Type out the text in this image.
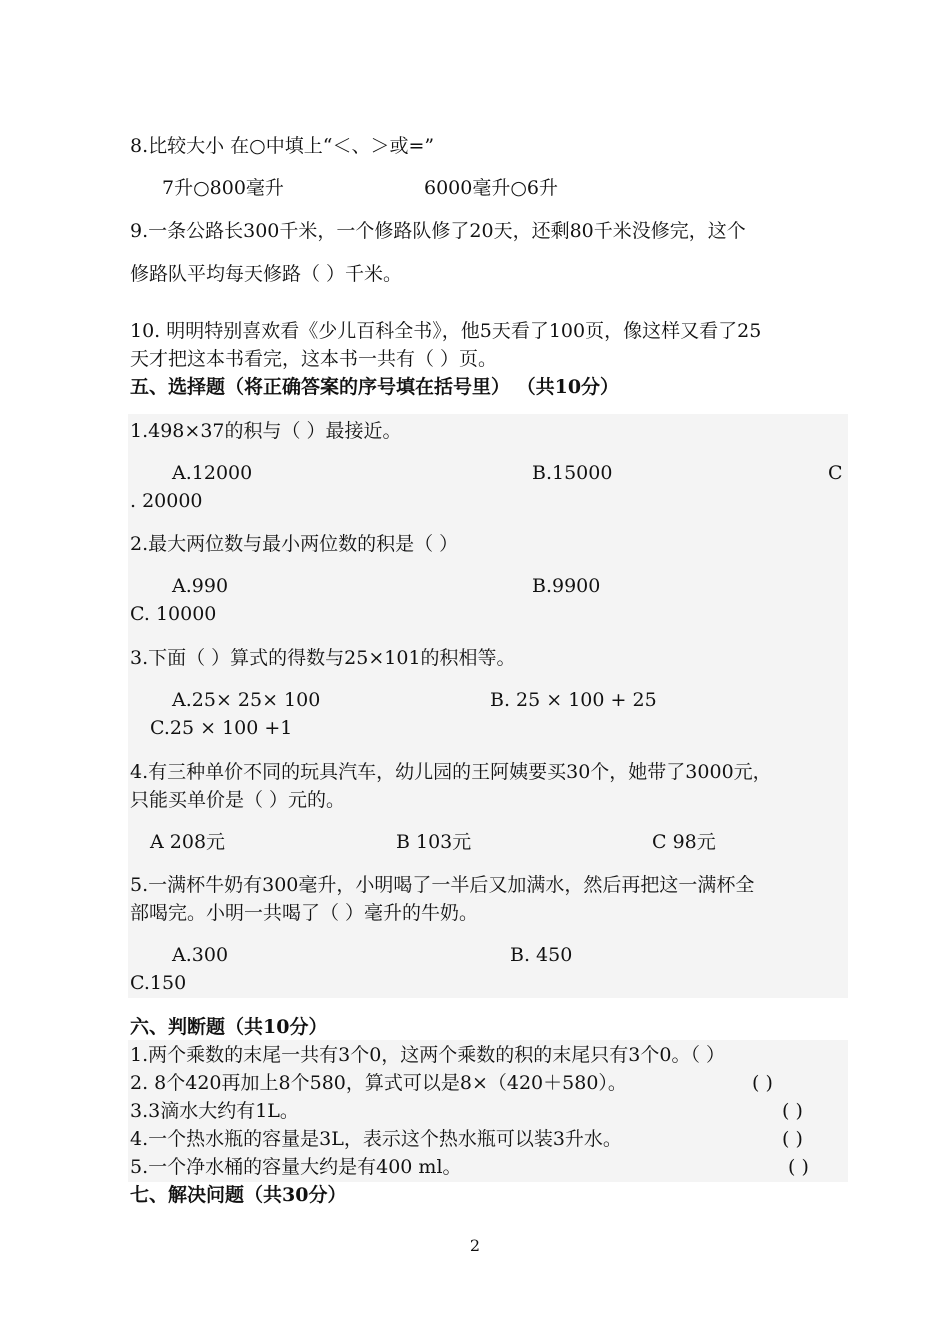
8.比较大小 在○中填上“＜、＞或=”
7升○800毫升	6000毫升○6升
9.一条公路长300千米，一个修路队修了20天，还剩80千米没修完，这个
修路队平均每天修路（ ）千米。
10. 明明特别喜欢看《少儿百科全书》，他5天看了100页，像这样又看了25
天才把这本书看完，这本书一共有（ ）页。
五、选择题（将正确答案的序号填在括号里） （共10分）
1.498×37的积与（ ）最接近。
A.12000	B.15000	C
. 20000
2.最大两位数与最小两位数的积是（ ）
A.990	B.9900
C. 10000
3.下面（ ）算式的得数与25×101的积相等。
A.25× 25× 100	B. 25 × 100 + 25
C.25 × 100 +1
4.有三种单价不同的玩具汽车，幼儿园的王阿姨要买30个，她带了3000元，
只能买单价是（ ）元的。
A 208元	B 103元	C 98元
5.一满杯牛奶有300毫升，小明喝了一半后又加满水，然后再把这一满杯全
部喝完。小明一共喝了（ ）毫升的牛奶。
A.300	B. 450
C.150
六、判断题（共10分）
1.两个乘数的末尾一共有3个0，这两个乘数的积的末尾只有3个0。（ ）
2. 8个420再加上8个580，算式可以是8×（420＋580）。	( )
3.3滴水大约有1L。	( )
4.一个热水瓶的容量是3L，表示这个热水瓶可以装3升水。	( )
5.一个净水桶的容量大约是有400 ml。	( )
七、解决问题（共30分）
2
